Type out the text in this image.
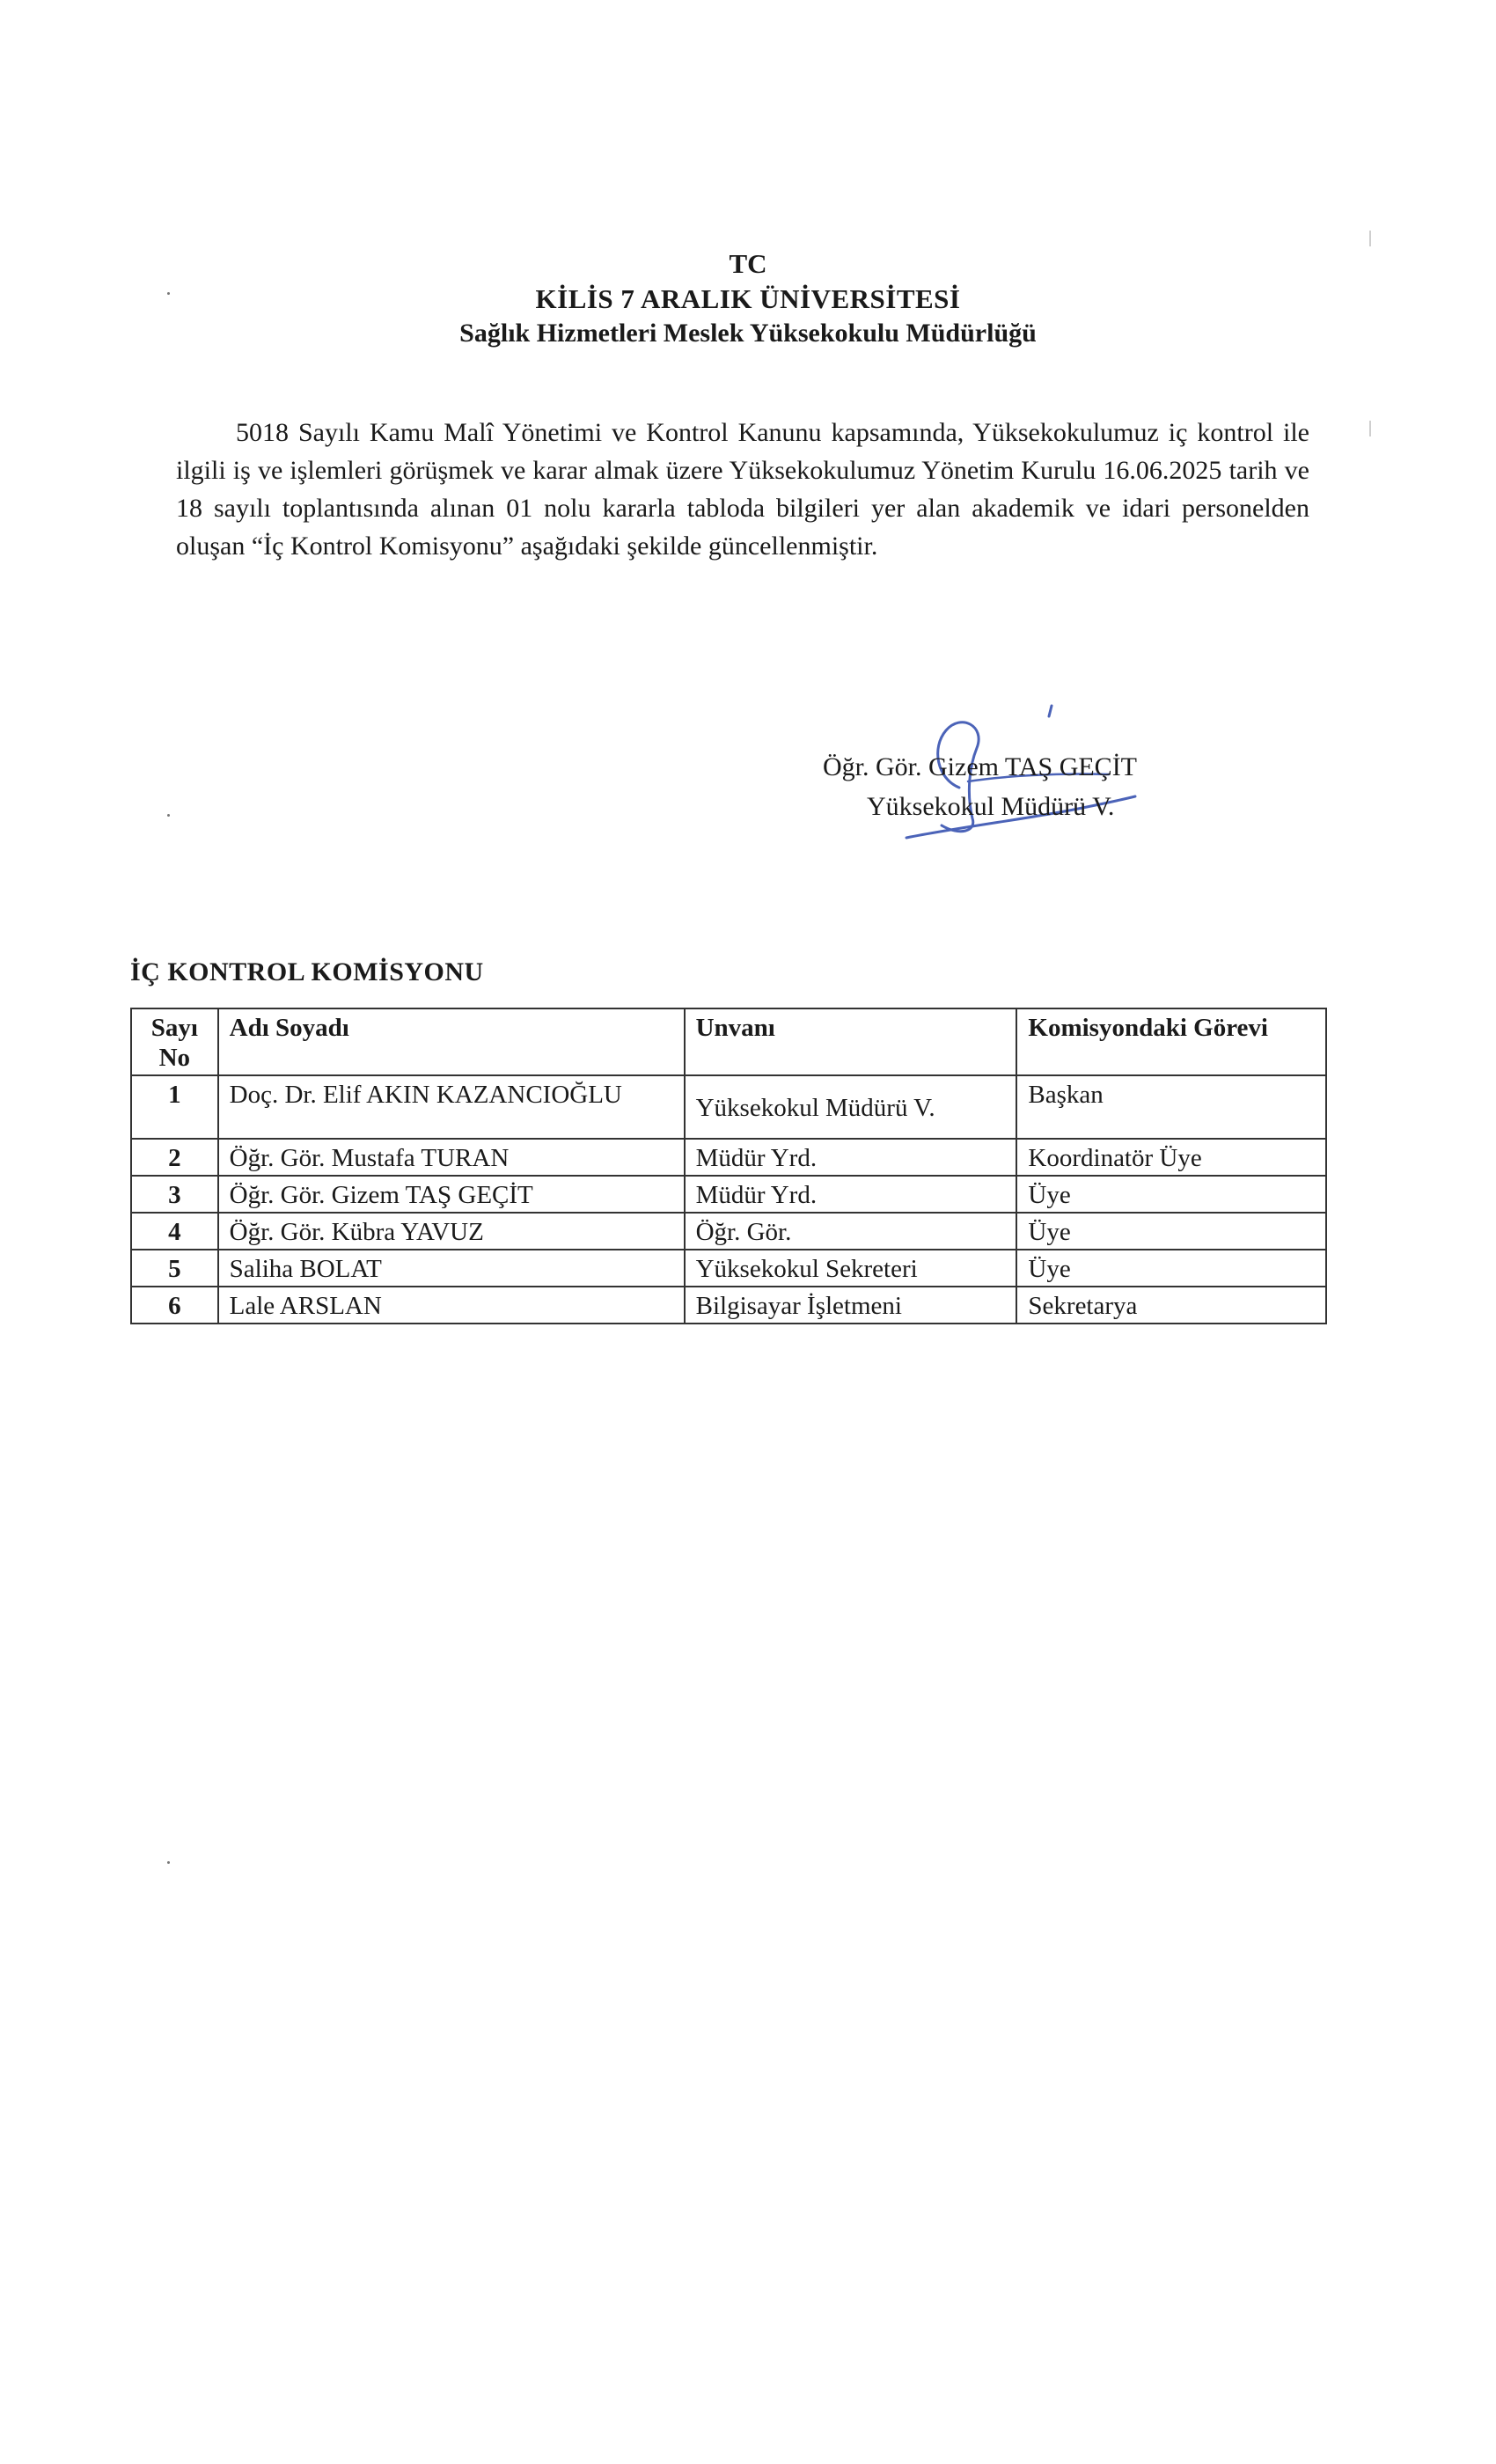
TC
KİLİS 7 ARALIK ÜNİVERSİTESİ
Sağlık Hizmetleri Meslek Yüksekokulu Müdürlüğü
5018 Sayılı Kamu Malî Yönetimi ve Kontrol Kanunu kapsamında, Yüksekokulumuz iç kontrol ile ilgili iş ve işlemleri görüşmek ve karar almak üzere Yüksekokulumuz Yönetim Kurulu 16.06.2025 tarih ve 18 sayılı toplantısında alınan 01 nolu kararla tabloda bilgileri yer alan akademik ve idari personelden oluşan “İç Kontrol Komisyonu” aşağıdaki şekilde güncellenmiştir.
Öğr. Gör. Gizem TAŞ GEÇİT
Yüksekokul Müdürü V.
İÇ KONTROL KOMİSYONU
Sayı
No	Adı Soyadı	Unvanı	Komisyondaki Görevi
1	Doç. Dr. Elif AKIN KAZANCIOĞLU	Yüksekokul Müdürü V.	Başkan
2	Öğr. Gör. Mustafa TURAN	Müdür Yrd.	Koordinatör Üye
3	Öğr. Gör. Gizem TAŞ GEÇİT	Müdür Yrd.	Üye
4	Öğr. Gör. Kübra YAVUZ	Öğr. Gör.	Üye
5	Saliha BOLAT	Yüksekokul Sekreteri	Üye
6	Lale ARSLAN	Bilgisayar İşletmeni	Sekretarya
